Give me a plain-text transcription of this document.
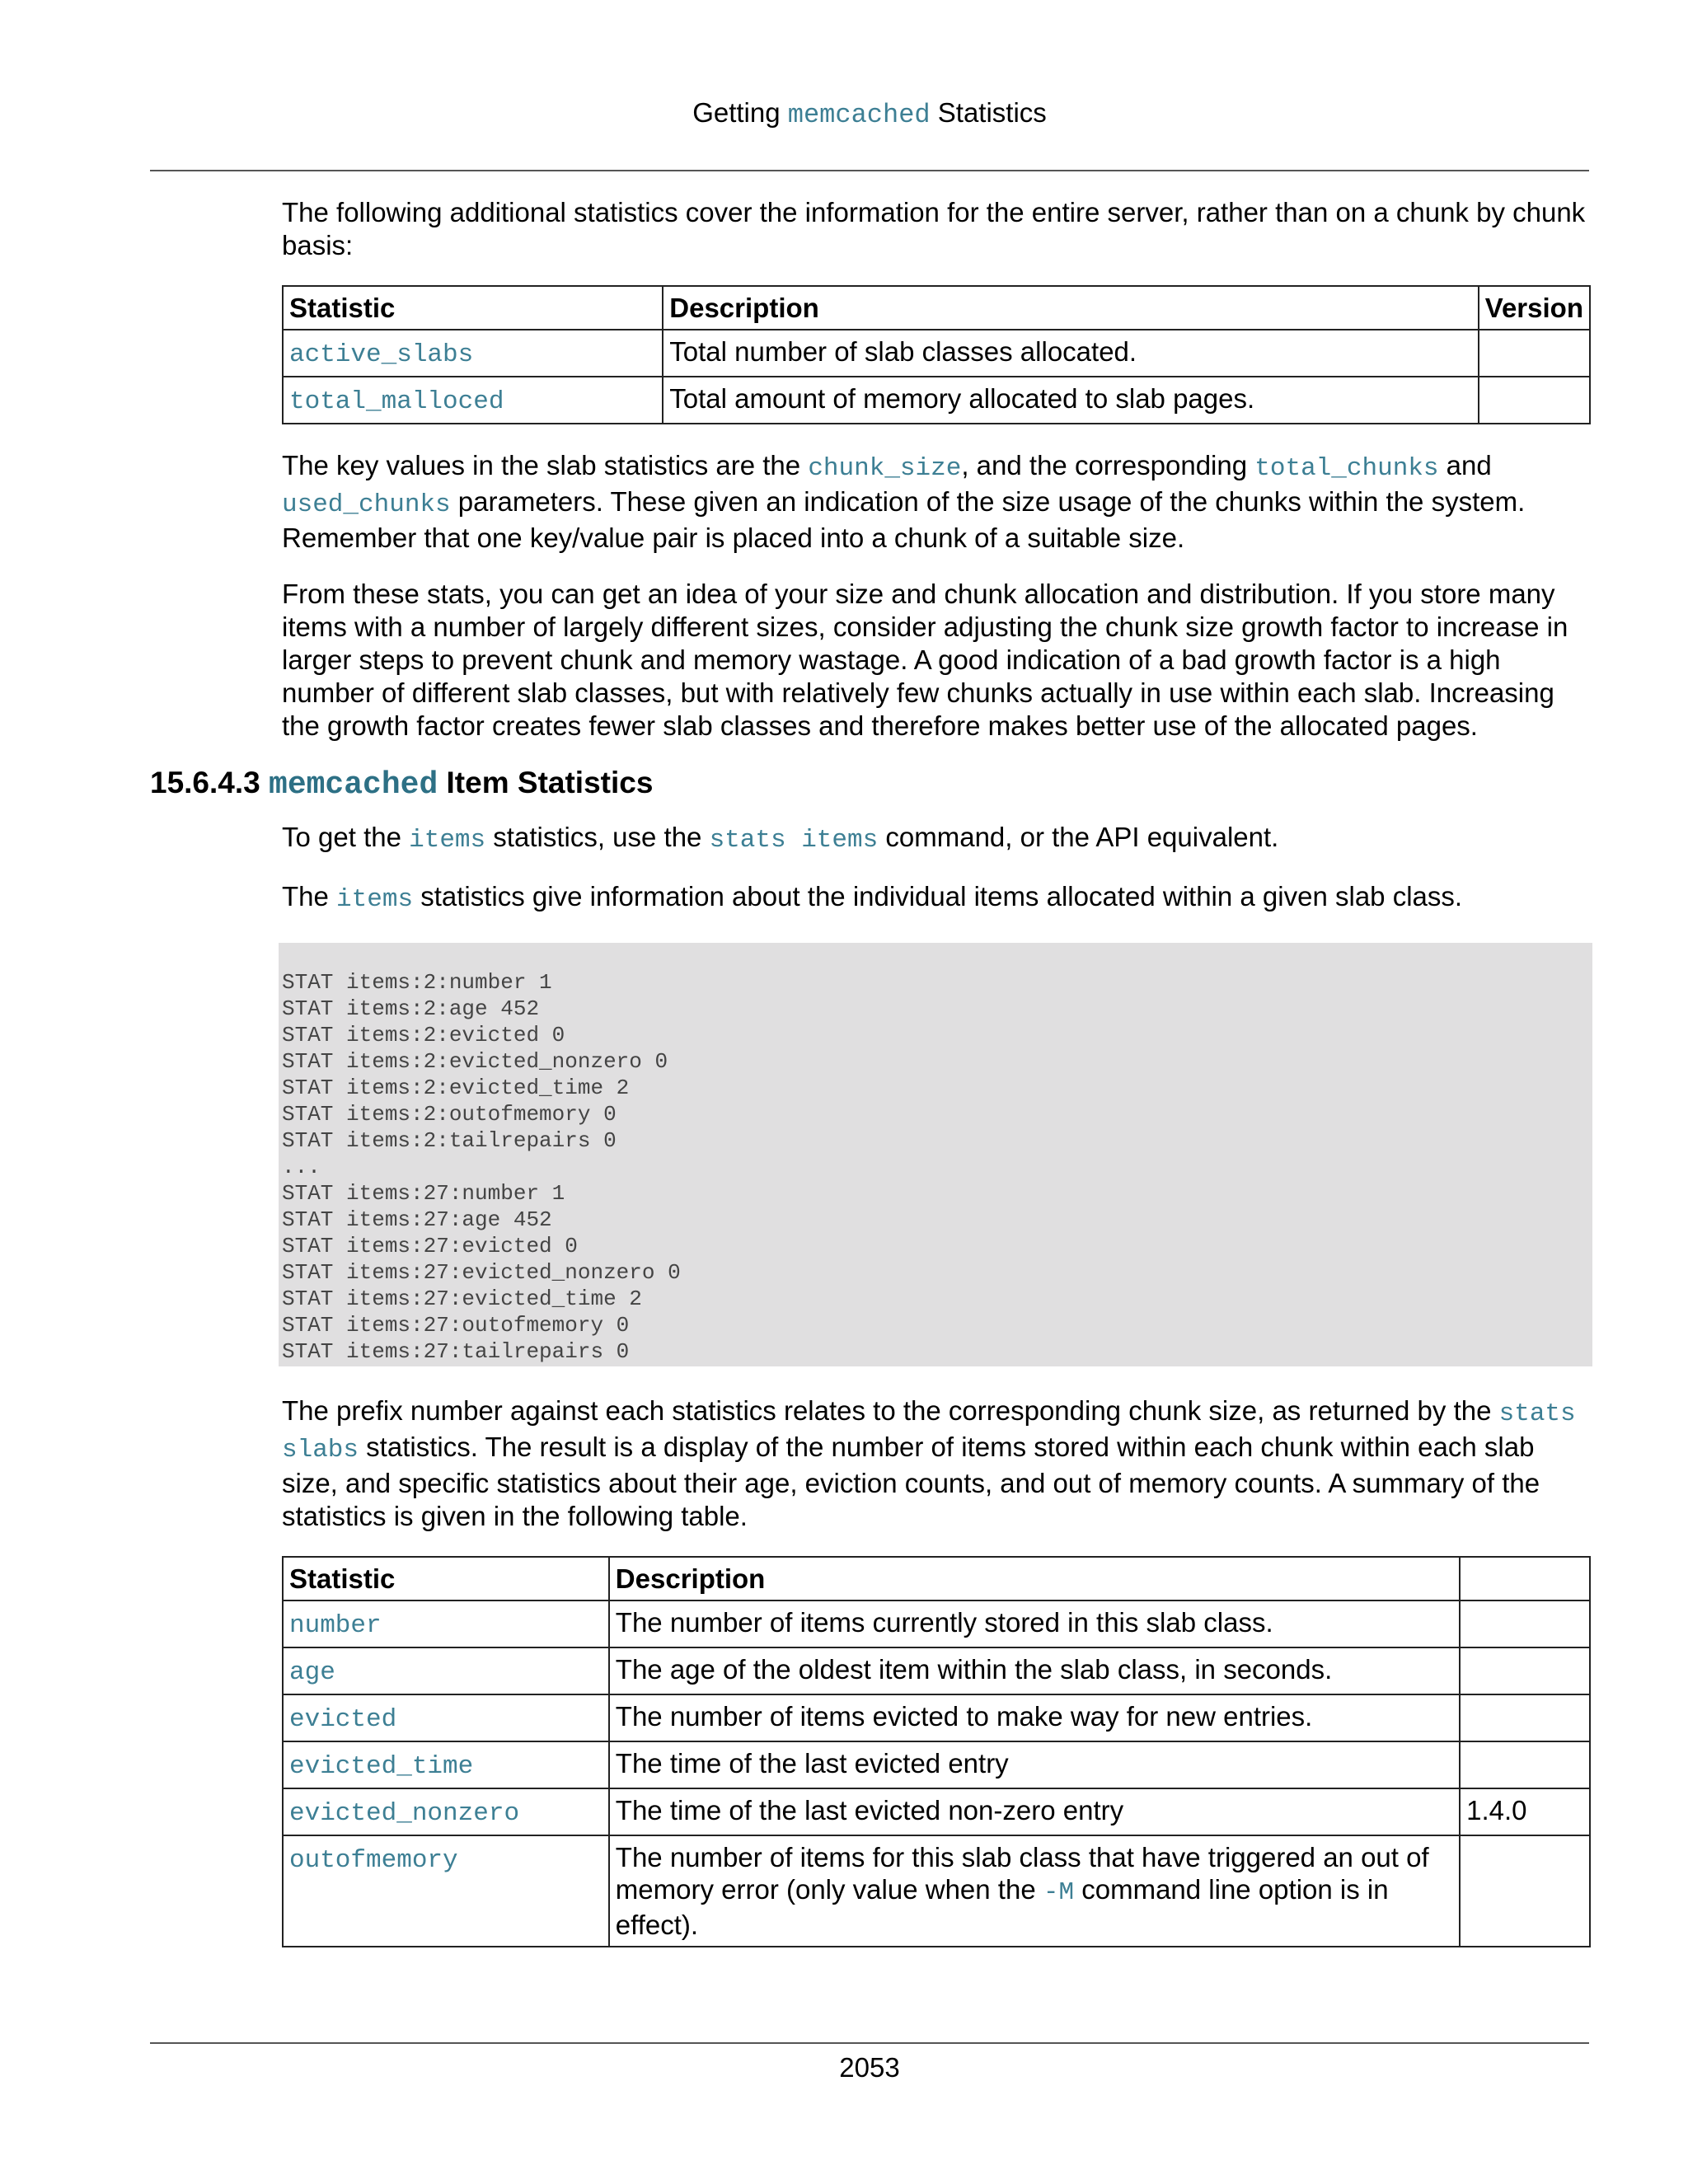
Getting memcached Statistics

The following additional statistics cover the information for the entire server, rather than on a chunk by chunk basis:

Statistic	Description	Version
active_slabs	Total number of slab classes allocated.	
total_malloced	Total amount of memory allocated to slab pages.	

The key values in the slab statistics are the chunk_size, and the corresponding total_chunks and used_chunks parameters. These given an indication of the size usage of the chunks within the system. Remember that one key/value pair is placed into a chunk of a suitable size.

From these stats, you can get an idea of your size and chunk allocation and distribution. If you store many items with a number of largely different sizes, consider adjusting the chunk size growth factor to increase in larger steps to prevent chunk and memory wastage. A good indication of a bad growth factor is a high number of different slab classes, but with relatively few chunks actually in use within each slab. Increasing the growth factor creates fewer slab classes and therefore makes better use of the allocated pages.

15.6.4.3 memcached Item Statistics

To get the items statistics, use the stats items command, or the API equivalent.

The items statistics give information about the individual items allocated within a given slab class.

STAT items:2:number 1
STAT items:2:age 452
STAT items:2:evicted 0
STAT items:2:evicted_nonzero 0
STAT items:2:evicted_time 2
STAT items:2:outofmemory 0
STAT items:2:tailrepairs 0
...
STAT items:27:number 1
STAT items:27:age 452
STAT items:27:evicted 0
STAT items:27:evicted_nonzero 0
STAT items:27:evicted_time 2
STAT items:27:outofmemory 0
STAT items:27:tailrepairs 0

The prefix number against each statistics relates to the corresponding chunk size, as returned by the stats slabs statistics. The result is a display of the number of items stored within each chunk within each slab size, and specific statistics about their age, eviction counts, and out of memory counts. A summary of the statistics is given in the following table.

Statistic	Description	
number	The number of items currently stored in this slab class.	
age	The age of the oldest item within the slab class, in seconds.	
evicted	The number of items evicted to make way for new entries.	
evicted_time	The time of the last evicted entry	
evicted_nonzero	The time of the last evicted non-zero entry	1.4.0
outofmemory	The number of items for this slab class that have triggered an out of memory error (only value when the -M command line option is in effect).	
2053
